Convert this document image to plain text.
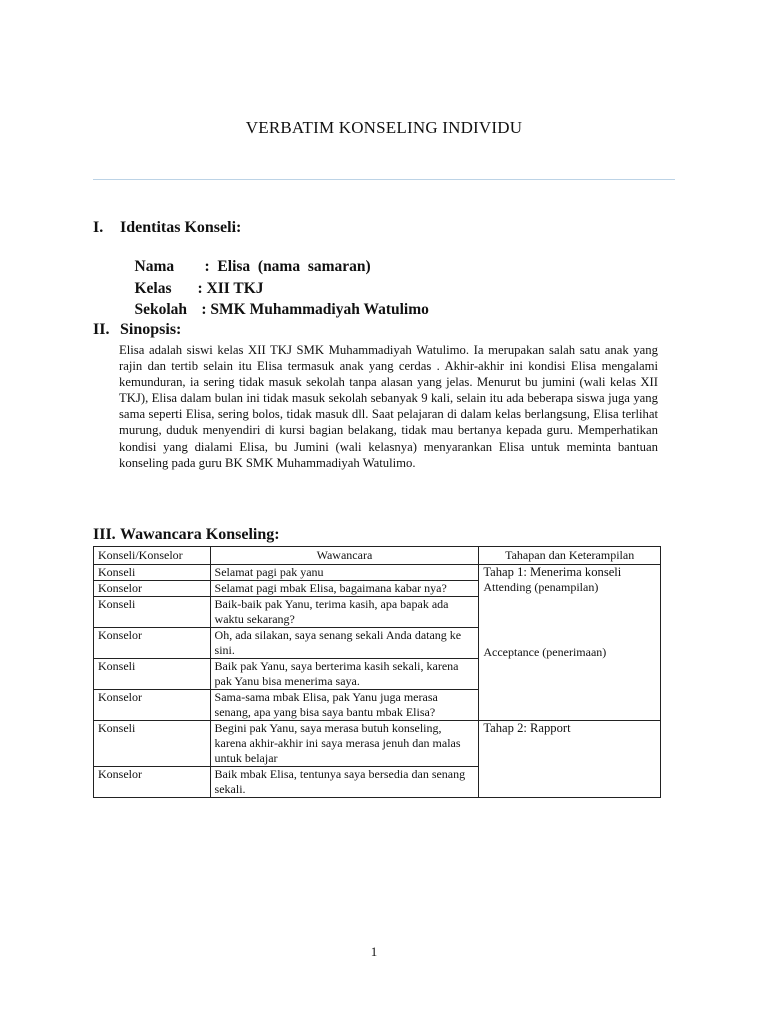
VERBATIM KONSELING INDIVIDU
I. Identitas Konseli:

Nama : Elisa  (nama  samaran)

Kelas : XII TKJ

Sekolah : SMK Muhammadiyah Watulimo

II. Sinopsis:

Elisa adalah siswi kelas XII TKJ SMK Muhammadiyah Watulimo. Ia merupakan salah satu anak yang rajin dan tertib selain itu Elisa termasuk anak yang cerdas . Akhir-akhir ini kondisi Elisa mengalami kemunduran, ia sering tidak masuk sekolah tanpa alasan yang jelas. Menurut bu jumini (wali kelas XII TKJ), Elisa dalam bulan ini tidak masuk sekolah sebanyak 9 kali, selain itu ada beberapa siswa juga yang sama seperti Elisa, sering bolos, tidak masuk dll. Saat pelajaran di dalam kelas berlangsung, Elisa terlihat murung, duduk menyendiri di kursi bagian belakang, tidak mau bertanya kepada guru. Memperhatikan kondisi yang dialami Elisa, bu Jumini (wali kelasnya) menyarankan Elisa untuk meminta bantuan konseling pada guru BK SMK Muhammadiyah Watulimo.

III. Wawancara Konseling:
Konseli/Konselor	Wawancara	Tahapan dan Keterampilan
Konseli	Selamat pagi pak yanu	Tahap 1: Menerima konseli
Attending (penampilan)
Acceptance (penerimaan)

Konselor	Selamat pagi mbak Elisa, bagaimana kabar nya?	
Konseli	Baik-baik pak Yanu, terima kasih, apa bapak ada waktu sekarang?	
Konselor	Oh, ada silakan, saya senang sekali Anda datang ke sini.	
Konseli	Baik pak Yanu, saya berterima kasih sekali, karena pak Yanu bisa menerima saya.	
Konselor	Sama-sama mbak Elisa, pak Yanu juga merasa senang, apa yang bisa saya bantu mbak Elisa?	
Konseli	Begini pak Yanu, saya merasa butuh konseling, karena akhir-akhir ini saya merasa jenuh dan malas untuk belajar	Tahap 2: Rapport
Konselor	Baik mbak Elisa, tentunya saya bersedia dan senang sekali.	
1
